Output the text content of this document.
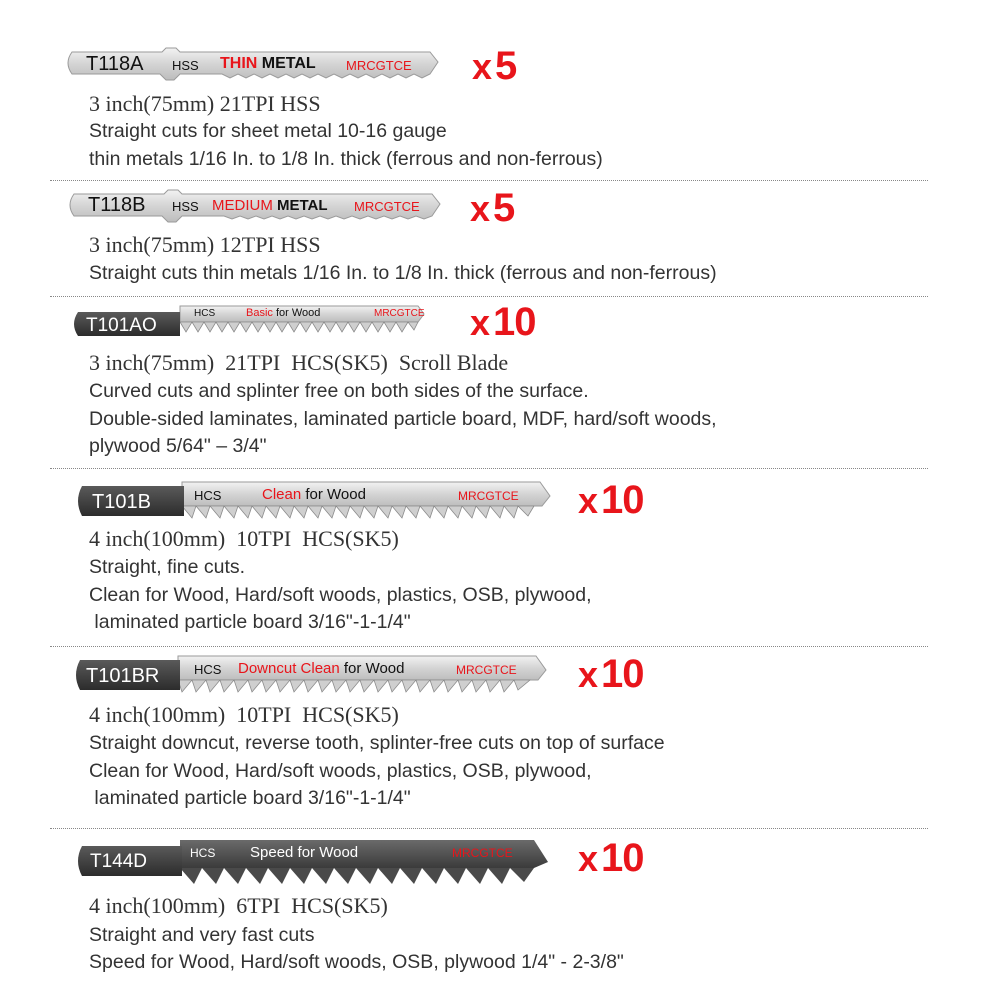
T118A HSS THIN METAL MRCGTCE x 5
3 inch(75mm) 21TPI HSS
Straight cuts for sheet metal 10-16 gauge
thin metals 1/16 In. to 1/8 In. thick (ferrous and non-ferrous)
T118B HSS MEDIUM METAL MRCGTCE x 5
3 inch(75mm) 12TPI HSS
Straight cuts thin metals 1/16 In. to 1/8 In. thick (ferrous and non-ferrous)
T101AO
HCS	Basic for Wood	MRCGTCE x 10
3 inch(75mm)  21TPI  HCS(SK5)  Scroll Blade
Curved cuts and splinter free on both sides of the surface.
Double-sided laminates, laminated particle board, MDF, hard/soft woods,
plywood 5/64" – 3/4"
T101B	HCS	Clean for Wood	MRCGTCE x 10
4 inch(100mm)  10TPI  HCS(SK5)
Straight, fine cuts.
Clean for Wood, Hard/soft woods, plastics, OSB, plywood,
laminated particle board 3/16"-1-1/4"
T101BR	HCS Downcut Clean for Wood	MRCGTCE x 10
4 inch(100mm)  10TPI  HCS(SK5)
Straight downcut, reverse tooth, splinter-free cuts on top of surface
Clean for Wood, Hard/soft woods, plastics, OSB, plywood,
laminated particle board 3/16"-1-1/4"
T144D	HCS Speed for Wood	MRCGTCE x 10
4 inch(100mm)  6TPI  HCS(SK5)
Straight and very fast cuts
Speed for Wood, Hard/soft woods, OSB, plywood 1/4" - 2-3/8"
